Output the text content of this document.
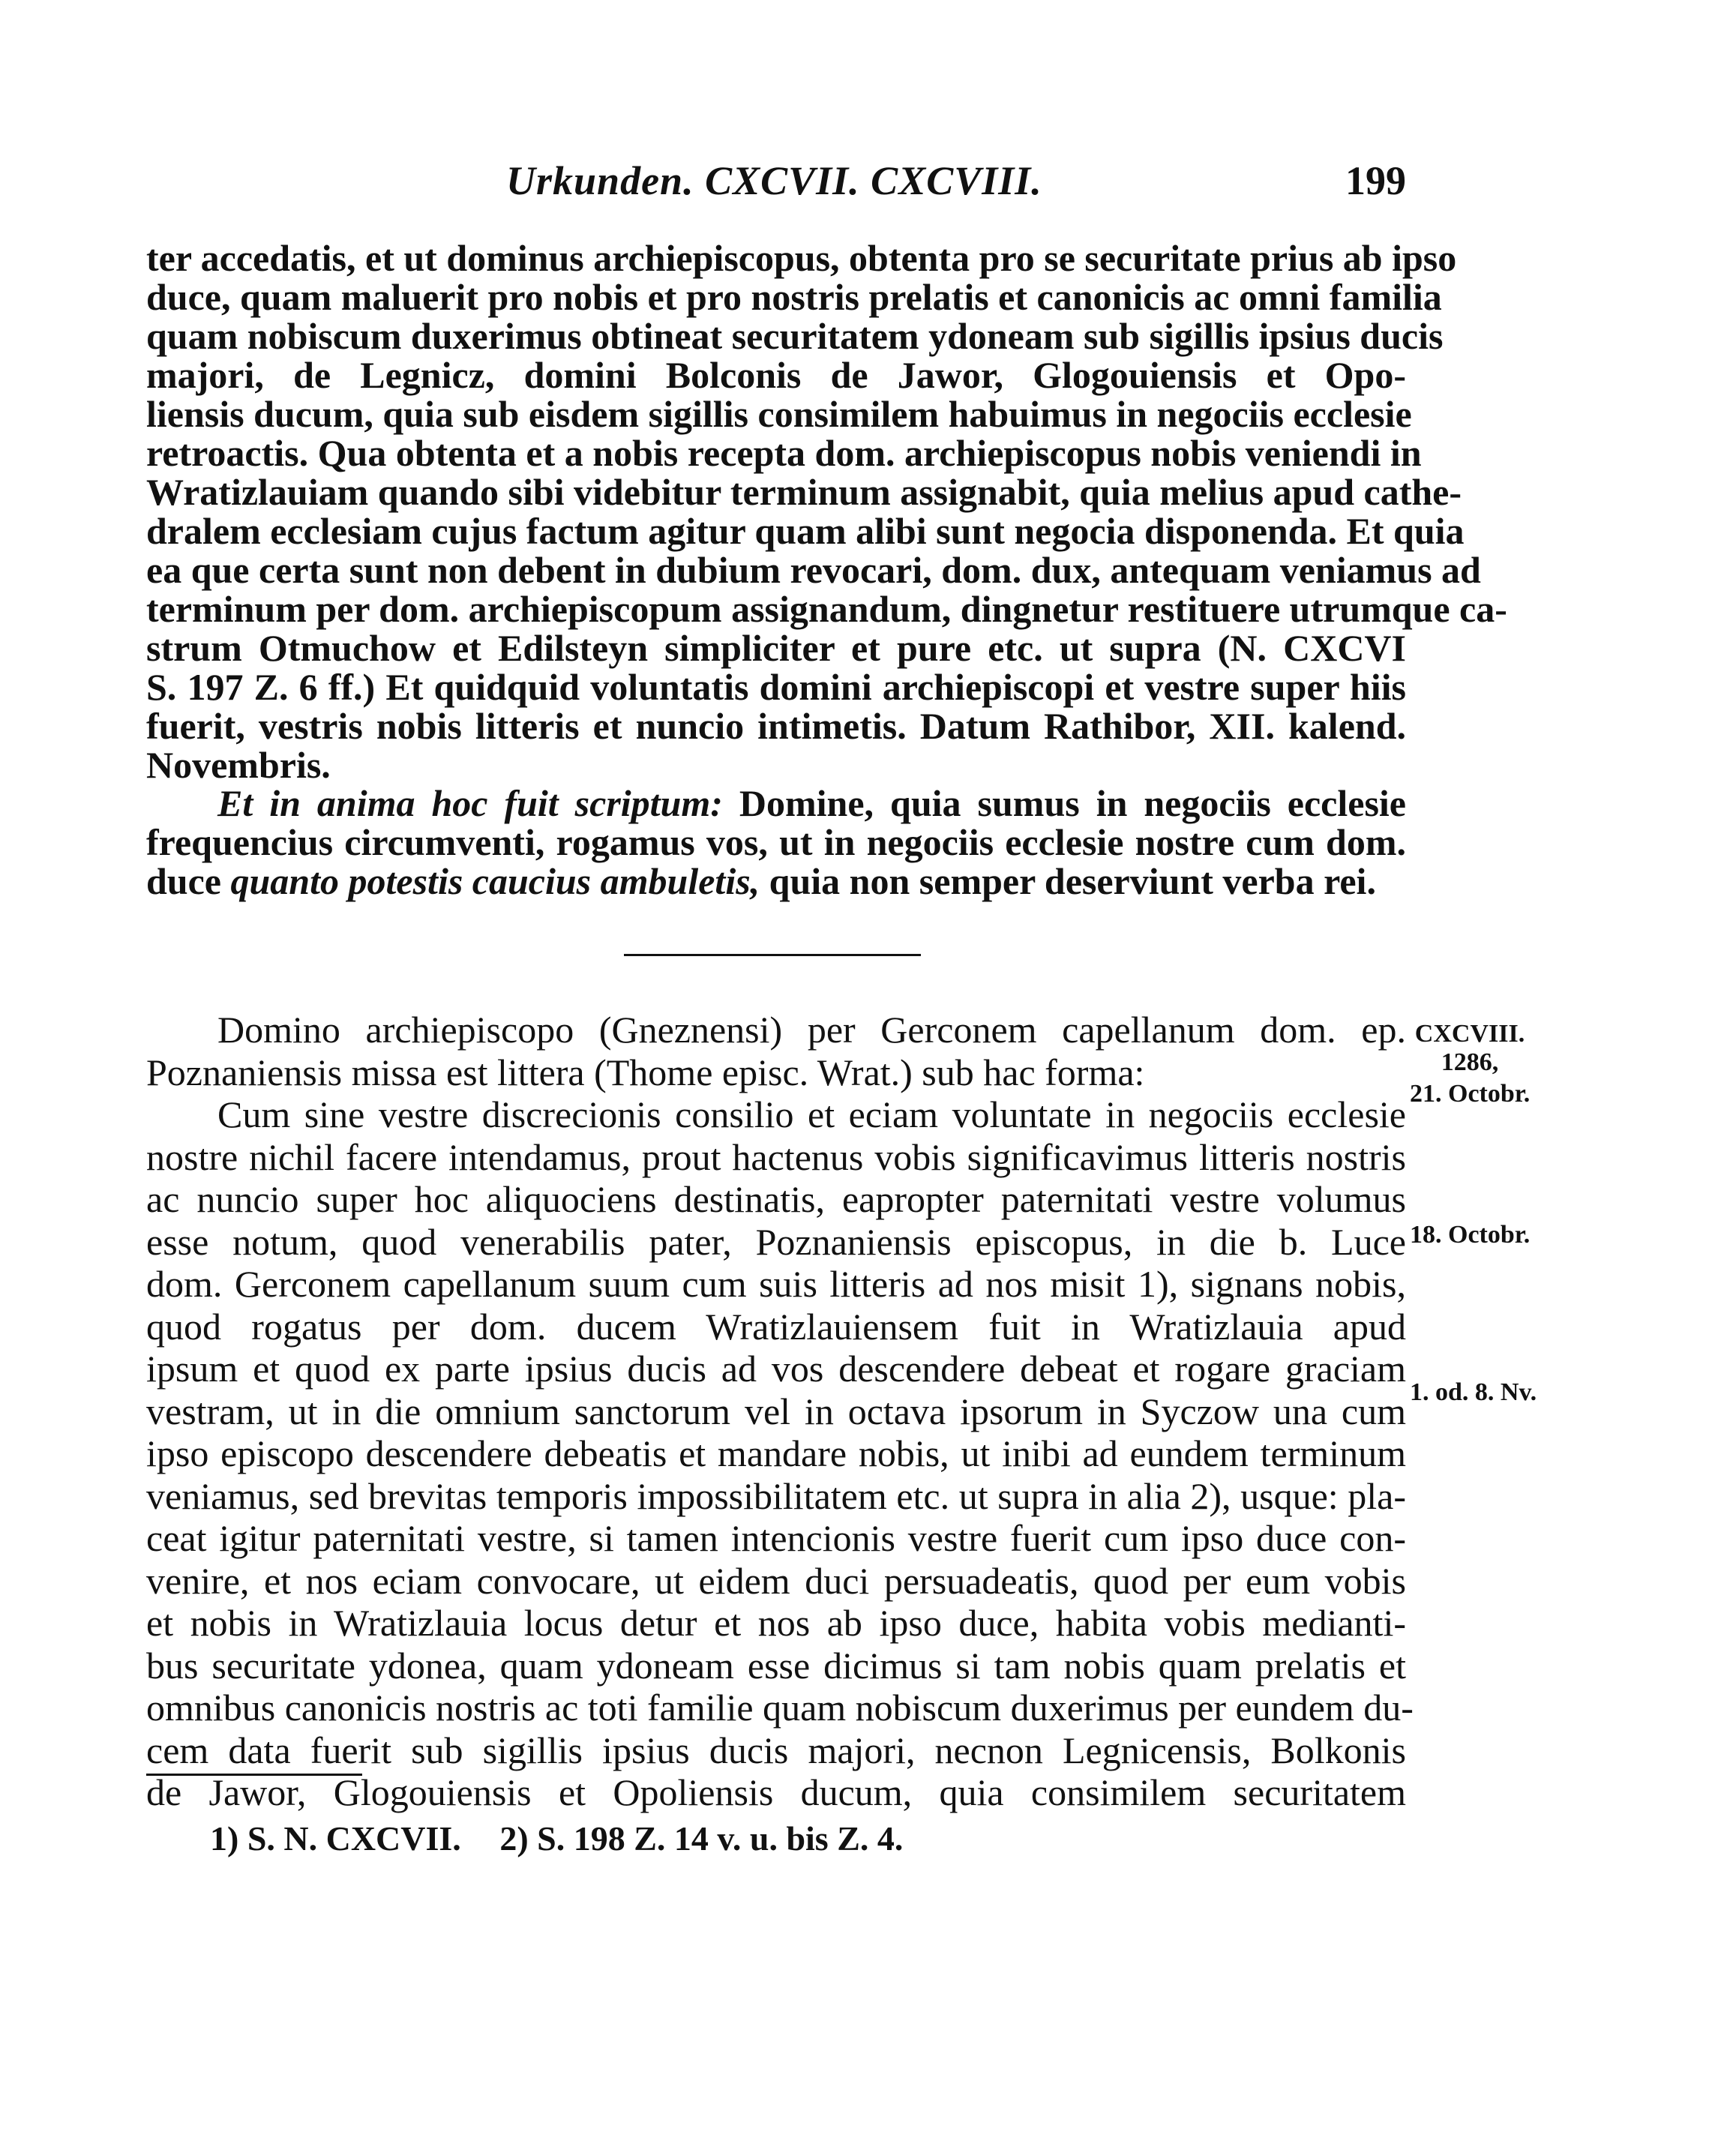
Urkunden. CXCVII. CXCVIII.	199
ter accedatis, et ut dominus archiepiscopus, obtenta pro se securitate prius ab ipso
duce, quam maluerit pro nobis et pro nostris prelatis et canonicis ac omni familia
quam nobiscum duxerimus obtineat securitatem ydoneam sub sigillis ipsius ducis
majori, de Legnicz, domini Bolconis de Jawor, Glogouiensis et Opo-
liensis ducum, quia sub eisdem sigillis consimilem habuimus in negociis ecclesie
retroactis. Qua obtenta et a nobis recepta dom. archiepiscopus nobis veniendi in
Wratizlauiam quando sibi videbitur terminum assignabit, quia melius apud cathe-
dralem ecclesiam cujus factum agitur quam alibi sunt negocia disponenda. Et quia
ea que certa sunt non debent in dubium revocari, dom. dux, antequam veniamus ad
terminum per dom. archiepiscopum assignandum, dingnetur restituere utrumque ca-
strum Otmuchow et Edilsteyn simpliciter et pure etc. ut supra (N. CXCVI
S. 197 Z. 6 ff.) Et quidquid voluntatis domini archiepiscopi et vestre super hiis
fuerit, vestris nobis litteris et nuncio intimetis. Datum Rathibor, XII. kalend.
Novembris.
Et in anima hoc fuit scriptum: Domine, quia sumus in negociis ecclesie
frequencius circumventi, rogamus vos, ut in negociis ecclesie nostre cum dom.
duce quanto potestis caucius ambuletis, quia non semper deserviunt verba rei.
Domino archiepiscopo (Gneznensi) per Gerconem capellanum dom. ep.
Poznaniensis missa est littera (Thome episc. Wrat.) sub hac forma:
Cum sine vestre discrecionis consilio et eciam voluntate in negociis ecclesie
nostre nichil facere intendamus, prout hactenus vobis significavimus litteris nostris
ac nuncio super hoc aliquociens destinatis, eapropter paternitati vestre volumus
esse notum, quod venerabilis pater, Poznaniensis episcopus, in die b. Luce
dom. Gerconem capellanum suum cum suis litteris ad nos misit 1), signans nobis,
quod rogatus per dom. ducem Wratizlauiensem fuit in Wratizlauia apud
ipsum et quod ex parte ipsius ducis ad vos descendere debeat et rogare graciam
vestram, ut in die omnium sanctorum vel in octava ipsorum in Syczow una cum
ipso episcopo descendere debeatis et mandare nobis, ut inibi ad eundem terminum
veniamus, sed brevitas temporis impossibilitatem etc. ut supra in alia 2), usque: pla-
ceat igitur paternitati vestre, si tamen intencionis vestre fuerit cum ipso duce con-
venire, et nos eciam convocare, ut eidem duci persuadeatis, quod per eum vobis
et nobis in Wratizlauia locus detur et nos ab ipso duce, habita vobis medianti-
bus securitate ydonea, quam ydoneam esse dicimus si tam nobis quam prelatis et
omnibus canonicis nostris ac toti familie quam nobiscum duxerimus per eundem du-
cem data fuerit sub sigillis ipsius ducis majori, necnon Legnicensis, Bolkonis
de Jawor, Glogouiensis et Opoliensis ducum, quia consimilem securitatem
CXCVIII.
1286,
21. Octobr.
18. Octobr.
1. od. 8. Nv.
1) S. N. CXCVII. 2) S. 198 Z. 14 v. u. bis Z. 4.
